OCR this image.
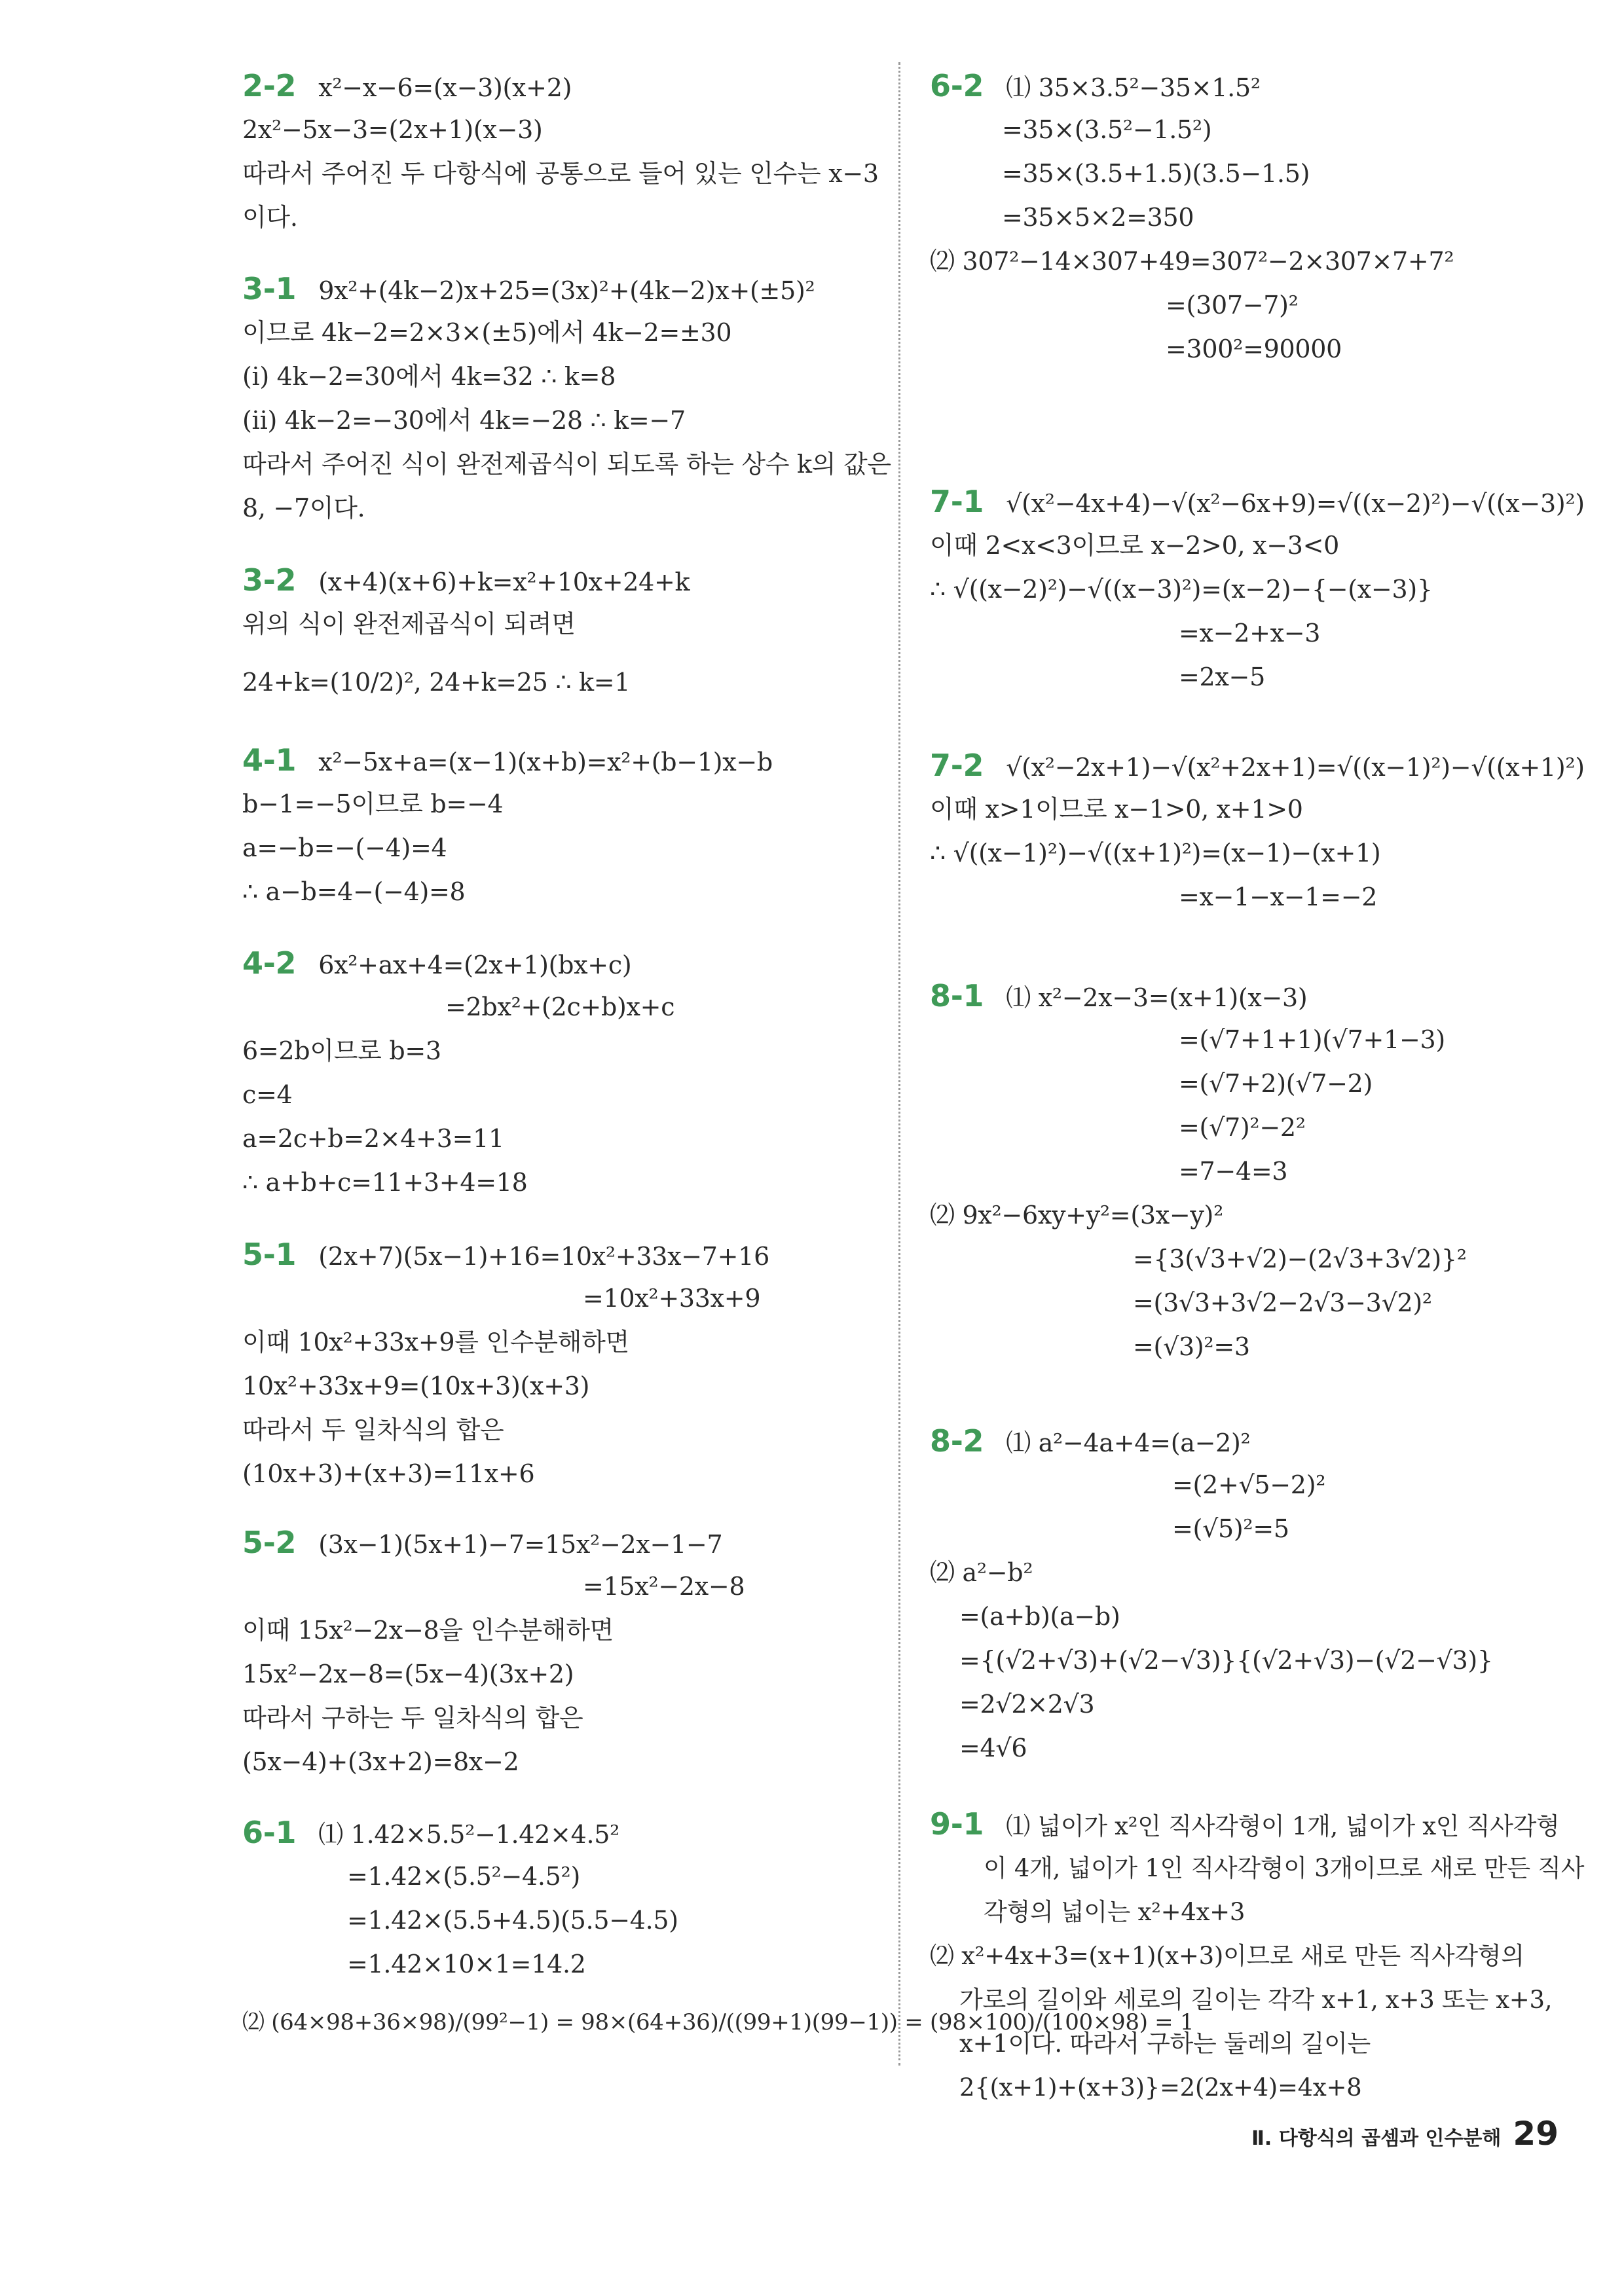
2-2 x²−x−6=(x−3)(x+2)
2x²−5x−3=(2x+1)(x−3)
따라서 주어진 두 다항식에 공통으로 들어 있는 인수는 x−3
이다.
3-1 9x²+(4k−2)x+25=(3x)²+(4k−2)x+(±5)²
이므로 4k−2=2×3×(±5)에서 4k−2=±30
(ⅰ) 4k−2=30에서 4k=32 ∴ k=8
(ⅱ) 4k−2=−30에서 4k=−28 ∴ k=−7
따라서 주어진 식이 완전제곱식이 되도록 하는 상수 k의 값은
8, −7이다.
3-2 (x+4)(x+6)+k=x²+10x+24+k
위의 식이 완전제곱식이 되려면
24+k=(10/2)², 24+k=25 ∴ k=1
4-1 x²−5x+a=(x−1)(x+b)=x²+(b−1)x−b
b−1=−5이므로 b=−4
a=−b=−(−4)=4
∴ a−b=4−(−4)=8
4-2 6x²+ax+4=(2x+1)(bx+c)
=2bx²+(2c+b)x+c
6=2b이므로 b=3
c=4
a=2c+b=2×4+3=11
∴ a+b+c=11+3+4=18
5-1 (2x+7)(5x−1)+16=10x²+33x−7+16
=10x²+33x+9
이때 10x²+33x+9를 인수분해하면
10x²+33x+9=(10x+3)(x+3)
따라서 두 일차식의 합은
(10x+3)+(x+3)=11x+6
5-2 (3x−1)(5x+1)−7=15x²−2x−1−7
=15x²−2x−8
이때 15x²−2x−8을 인수분해하면
15x²−2x−8=(5x−4)(3x+2)
따라서 구하는 두 일차식의 합은
(5x−4)+(3x+2)=8x−2
6-1 ⑴ 1.42×5.5²−1.42×4.5²
=1.42×(5.5²−4.5²)
=1.42×(5.5+4.5)(5.5−4.5)
=1.42×10×1=14.2
⑵ (64×98+36×98)/(99²−1) = 98×(64+36)/((99+1)(99−1)) = (98×100)/(100×98) = 1
6-2 ⑴ 35×3.5²−35×1.5²
=35×(3.5²−1.5²)
=35×(3.5+1.5)(3.5−1.5)
=35×5×2=350
⑵ 307²−14×307+49=307²−2×307×7+7²
=(307−7)²
=300²=90000
7-1 √(x²−4x+4)−√(x²−6x+9)=√((x−2)²)−√((x−3)²)
이때 2<x<3이므로 x−2>0, x−3<0
∴ √((x−2)²)−√((x−3)²)=(x−2)−{−(x−3)}
=x−2+x−3
=2x−5
7-2 √(x²−2x+1)−√(x²+2x+1)=√((x−1)²)−√((x+1)²)
이때 x>1이므로 x−1>0, x+1>0
∴ √((x−1)²)−√((x+1)²)=(x−1)−(x+1)
=x−1−x−1=−2
8-1 ⑴ x²−2x−3=(x+1)(x−3)
=(√7+1+1)(√7+1−3)
=(√7+2)(√7−2)
=(√7)²−2²
=7−4=3
⑵ 9x²−6xy+y²=(3x−y)²
={3(√3+√2)−(2√3+3√2)}²
=(3√3+3√2−2√3−3√2)²
=(√3)²=3
8-2 ⑴ a²−4a+4=(a−2)²
=(2+√5−2)²
=(√5)²=5
⑵ a²−b²
=(a+b)(a−b)
={(√2+√3)+(√2−√3)}{(√2+√3)−(√2−√3)}
=2√2×2√3
=4√6
9-1 ⑴ 넓이가 x²인 직사각형이 1개, 넓이가 x인 직사각형
이 4개, 넓이가 1인 직사각형이 3개이므로 새로 만든 직사
각형의 넓이는 x²+4x+3
⑵ x²+4x+3=(x+1)(x+3)이므로 새로 만든 직사각형의
가로의 길이와 세로의 길이는 각각 x+1, x+3 또는 x+3,
x+1이다. 따라서 구하는 둘레의 길이는
2{(x+1)+(x+3)}=2(2x+4)=4x+8
Ⅱ. 다항식의 곱셈과 인수분해 29
